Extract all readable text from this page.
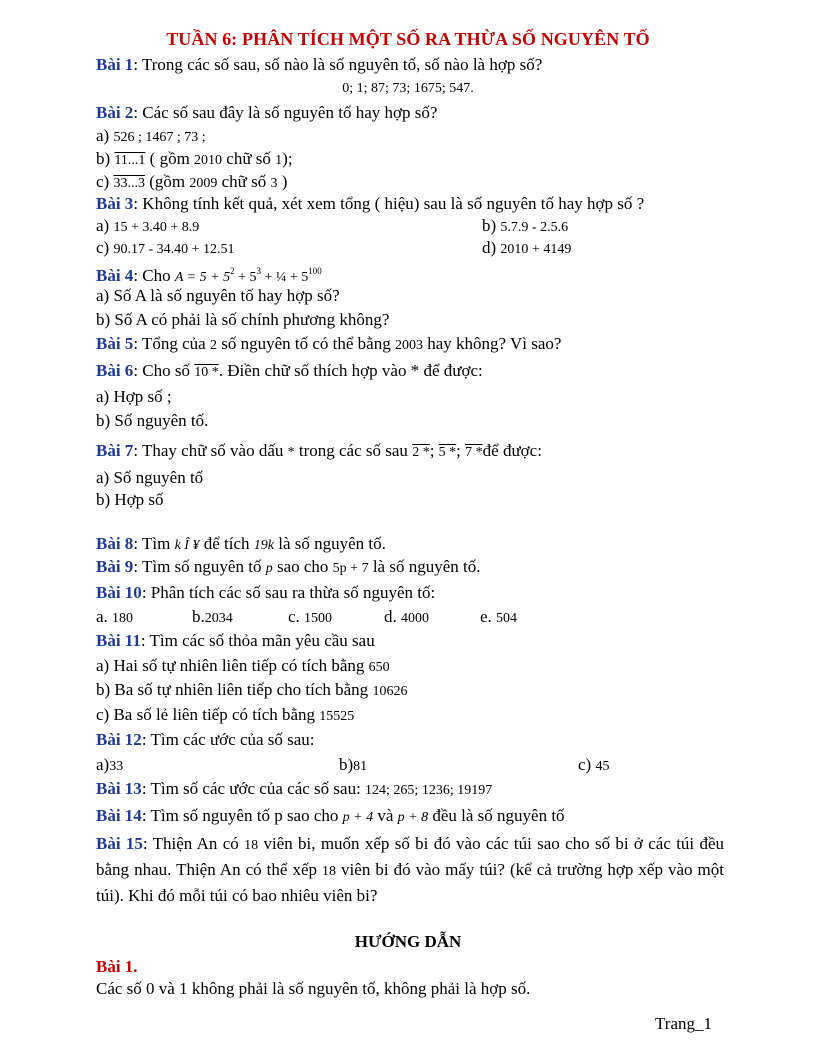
TUẦN 6: PHÂN TÍCH MỘT SỐ RA THỪA SỐ NGUYÊN TỐ
Bài 1: Trong các số sau, số nào là số nguyên tố, số nào là hợp số?
0; 1; 87; 73; 1675; 547.
Bài 2: Các số sau đây là số nguyên tố hay hợp số?
a) 526 ; 1467 ; 73 ;
b) 11...1 ( gồm 2010 chữ số 1);
c) 33...3 (gồm 2009 chữ số 3 )
Bài 3: Không tính kết quả, xét xem tổng ( hiệu) sau là số nguyên tố hay hợp số ?
a) 15 + 3.40 + 8.9	b) 5.7.9 - 2.5.6
c) 90.17 - 34.40 + 12.51	d) 2010 + 4149
Bài 4: Cho $A = 5 + 5^2 + 5^3$ + ¼ + $5^{100}$
a) Số A là số nguyên tố hay hợp số?
b) Số A có phải là số chính phương không?
Bài 5: Tổng của 2 số nguyên tố có thể bằng 2003 hay không? Vì sao?
Bài 6: Cho số 10 *. Điền chữ số thích hợp vào * để được:
a) Hợp số ;
b) Số nguyên tố.
Bài 7: Thay chữ số vào dấu * trong các số sau 2 *; 5 *; 7 *để được:
a) Số nguyên tố
b) Hợp số
Bài 8: Tìm k Î ¥ để tích 19k là số nguyên tố.
Bài 9: Tìm số nguyên tố p sao cho 5p + 7 là số nguyên tố.
Bài 10: Phân tích các số sau ra thừa số nguyên tố:
a. 180	b.2034	c. 1500	d. 4000	e. 504
Bài 11: Tìm các số thỏa mãn yêu cầu sau
a) Hai số tự nhiên liên tiếp có tích bằng 650
b) Ba số tự nhiên liên tiếp cho tích bằng 10626
c) Ba số lẻ liên tiếp có tích bằng 15525
Bài 12: Tìm các ước của số sau:
a)33	b)81	c) 45
Bài 13: Tìm số các ước của các số sau: 124; 265; 1236; 19197
Bài 14: Tìm số nguyên tố p sao cho p + 4 và p + 8 đều là số nguyên tố
Bài 15: Thiện An có 18 viên bi, muốn xếp số bi đó vào các túi sao cho số bi ở các túi đều bằng nhau. Thiện An có thể xếp 18 viên bi đó vào mấy túi? (kể cả trường hợp xếp vào một túi). Khi đó mỗi túi có bao nhiêu viên bi?
HƯỚNG DẪN
Bài 1.
Các số 0 và 1 không phải là số nguyên tố, không phải là hợp số.
Trang_1
